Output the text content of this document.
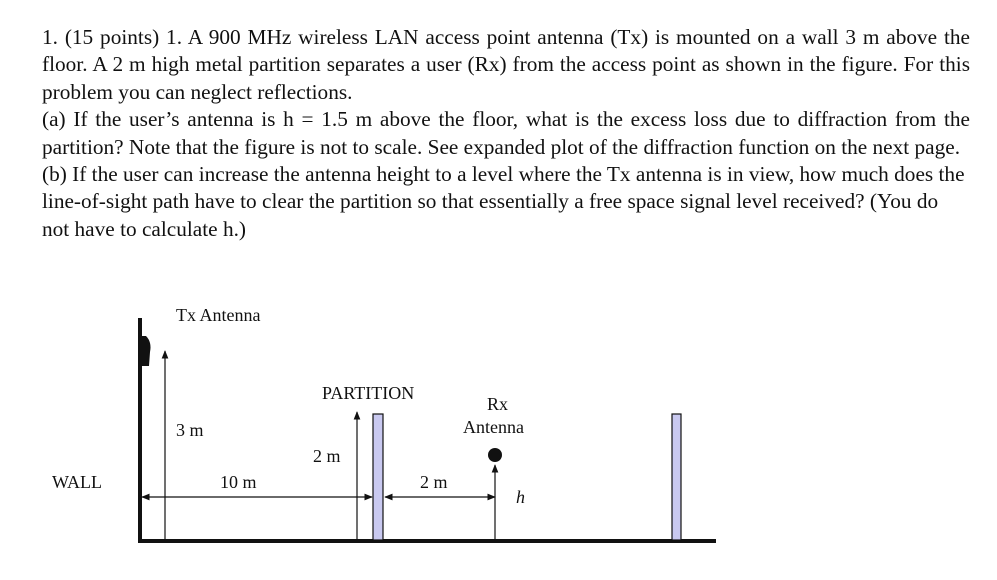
1. (15 points) 1. A 900 MHz wireless LAN access point antenna (Tx) is mounted on a wall 3 m above the floor. A 2 m high metal partition separates a user (Rx) from the access point as shown in the figure. For this problem you can neglect reflections.

(a) If the user’s antenna is h = 1.5 m above the floor, what is the excess loss due to diffraction from the partition? Note that the figure is not to scale. See expanded plot of the diffraction function on the next page.

(b) If the user can increase the antenna height to a level where the Tx antenna is in view, how much does the line-of-sight path have to clear the partition so that essentially a free space signal level received? (You do not have to calculate h.)

Tx Antenna
WALL
PARTITION
Rx
Antenna
3 m
2 m
10 m	2 m
h
